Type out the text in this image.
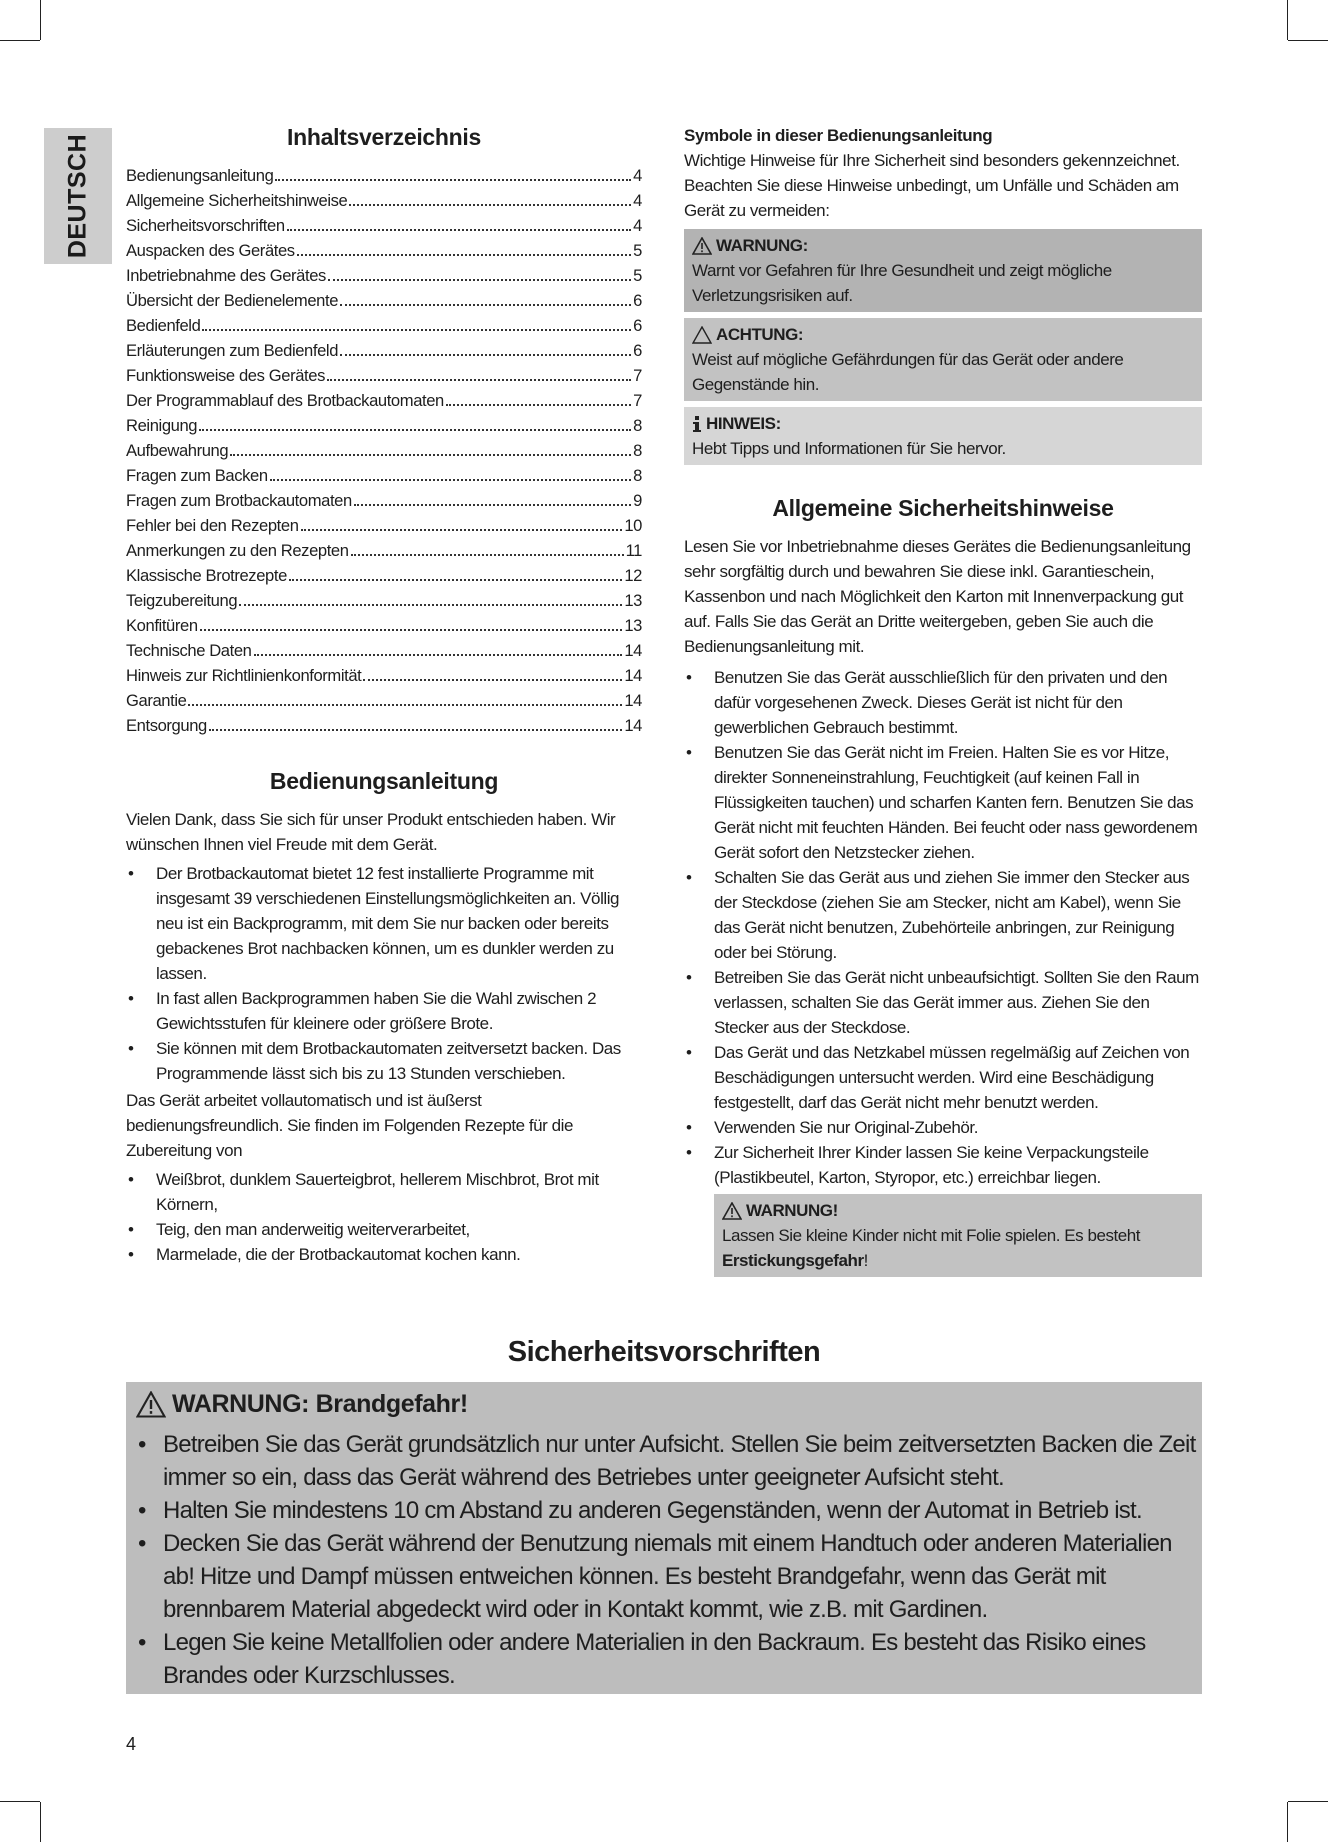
DEUTSCH	Inhaltsverzeichnis
Bedienungsanleitung	4
Allgemeine Sicherheitshinweise	4
Sicherheitsvorschriften	4
Auspacken des Gerätes	5
Inbetriebnahme des Gerätes	5
Übersicht der Bedienelemente	6
Bedienfeld	6
Erläuterungen zum Bedienfeld	6
Funktionsweise des Gerätes	7
Der Programmablauf des Brotbackautomaten	7
Reinigung	8
Aufbewahrung	8
Fragen zum Backen	8
Fragen zum Brotbackautomaten	9
Fehler bei den Rezepten	10
Anmerkungen zu den Rezepten	11
Klassische Brotrezepte	12
Teigzubereitung	13
Konfitüren	13
Technische Daten	14
Hinweis zur Richtlinienkonformität	14
Garantie	14
Entsorgung	14
Bedienungsanleitung

Vielen Dank, dass Sie sich für unser Produkt entschieden haben. Wir wünschen Ihnen viel Freude mit dem Gerät.

• Der Brotbackautomat bietet 12 fest installierte Programme mit insgesamt 39 verschiedenen Einstellungsmöglichkeiten an. Völlig neu ist ein Backprogramm, mit dem Sie nur backen oder bereits gebackenes Brot nachbacken können, um es dunkler werden zu lassen.
• In fast allen Backprogrammen haben Sie die Wahl zwischen 2 Gewichtsstufen für kleinere oder größere Brote.
• Sie können mit dem Brotbackautomaten zeitversetzt backen. Das Programmende lässt sich bis zu 13 Stunden verschieben.

Das Gerät arbeitet vollautomatisch und ist äußerst bedienungsfreundlich. Sie finden im Folgenden Rezepte für die Zubereitung von

• Weißbrot, dunklem Sauerteigbrot, hellerem Mischbrot, Brot mit Körnern,
• Teig, den man anderweitig weiterverarbeitet,
• Marmelade, die der Brotbackautomat kochen kann.
Symbole in dieser Bedienungsanleitung

Wichtige Hinweise für Ihre Sicherheit sind besonders gekennzeichnet. Beachten Sie diese Hinweise unbedingt, um Unfälle und Schäden am Gerät zu vermeiden:

WARNUNG:
Warnt vor Gefahren für Ihre Gesundheit und zeigt mögliche Verletzungsrisiken auf.
ACHTUNG:
Weist auf mögliche Gefährdungen für das Gerät oder andere Gegenstände hin.
HINWEIS:
Hebt Tipps und Informationen für Sie hervor.
Allgemeine Sicherheitshinweise

Lesen Sie vor Inbetriebnahme dieses Gerätes die Bedienungsanleitung sehr sorgfältig durch und bewahren Sie diese inkl. Garantieschein, Kassenbon und nach Möglichkeit den Karton mit Innenverpackung gut auf. Falls Sie das Gerät an Dritte weitergeben, geben Sie auch die Bedienungsanleitung mit.

• Benutzen Sie das Gerät ausschließlich für den privaten und den dafür vorgesehenen Zweck. Dieses Gerät ist nicht für den gewerblichen Gebrauch bestimmt.
• Benutzen Sie das Gerät nicht im Freien. Halten Sie es vor Hitze, direkter Sonneneinstrahlung, Feuchtigkeit (auf keinen Fall in Flüssigkeiten tauchen) und scharfen Kanten fern. Benutzen Sie das Gerät nicht mit feuchten Händen. Bei feucht oder nass gewordenem Gerät sofort den Netzstecker ziehen.
• Schalten Sie das Gerät aus und ziehen Sie immer den Stecker aus der Steckdose (ziehen Sie am Stecker, nicht am Kabel), wenn Sie das Gerät nicht benutzen, Zubehörteile anbringen, zur Reinigung oder bei Störung.
• Betreiben Sie das Gerät nicht unbeaufsichtigt. Sollten Sie den Raum verlassen, schalten Sie das Gerät immer aus. Ziehen Sie den Stecker aus der Steckdose.
• Das Gerät und das Netzkabel müssen regelmäßig auf Zeichen von Beschädigungen untersucht werden. Wird eine Beschädigung festgestellt, darf das Gerät nicht mehr benutzt werden.
• Verwenden Sie nur Original-Zubehör.
• Zur Sicherheit Ihrer Kinder lassen Sie keine Verpackungsteile (Plastikbeutel, Karton, Styropor, etc.) erreichbar liegen.
WARNUNG!
Lassen Sie kleine Kinder nicht mit Folie spielen. Es besteht
Erstickungsgefahr!
Sicherheitsvorschriften
WARNUNG: Brandgefahr!
• Betreiben Sie das Gerät grundsätzlich nur unter Aufsicht. Stellen Sie beim zeitversetzten Backen die Zeit immer so ein, dass das Gerät während des Betriebes unter geeigneter Aufsicht steht.
• Halten Sie mindestens 10 cm Abstand zu anderen Gegenständen, wenn der Automat in Betrieb ist.
• Decken Sie das Gerät während der Benutzung niemals mit einem Handtuch oder anderen Materialien ab! Hitze und Dampf müssen entweichen können. Es besteht Brandgefahr, wenn das Gerät mit brennbarem Material abgedeckt wird oder in Kontakt kommt, wie z.B. mit Gardinen.
• Legen Sie keine Metallfolien oder andere Materialien in den Backraum. Es besteht das Risiko eines Brandes oder Kurzschlusses.
4
